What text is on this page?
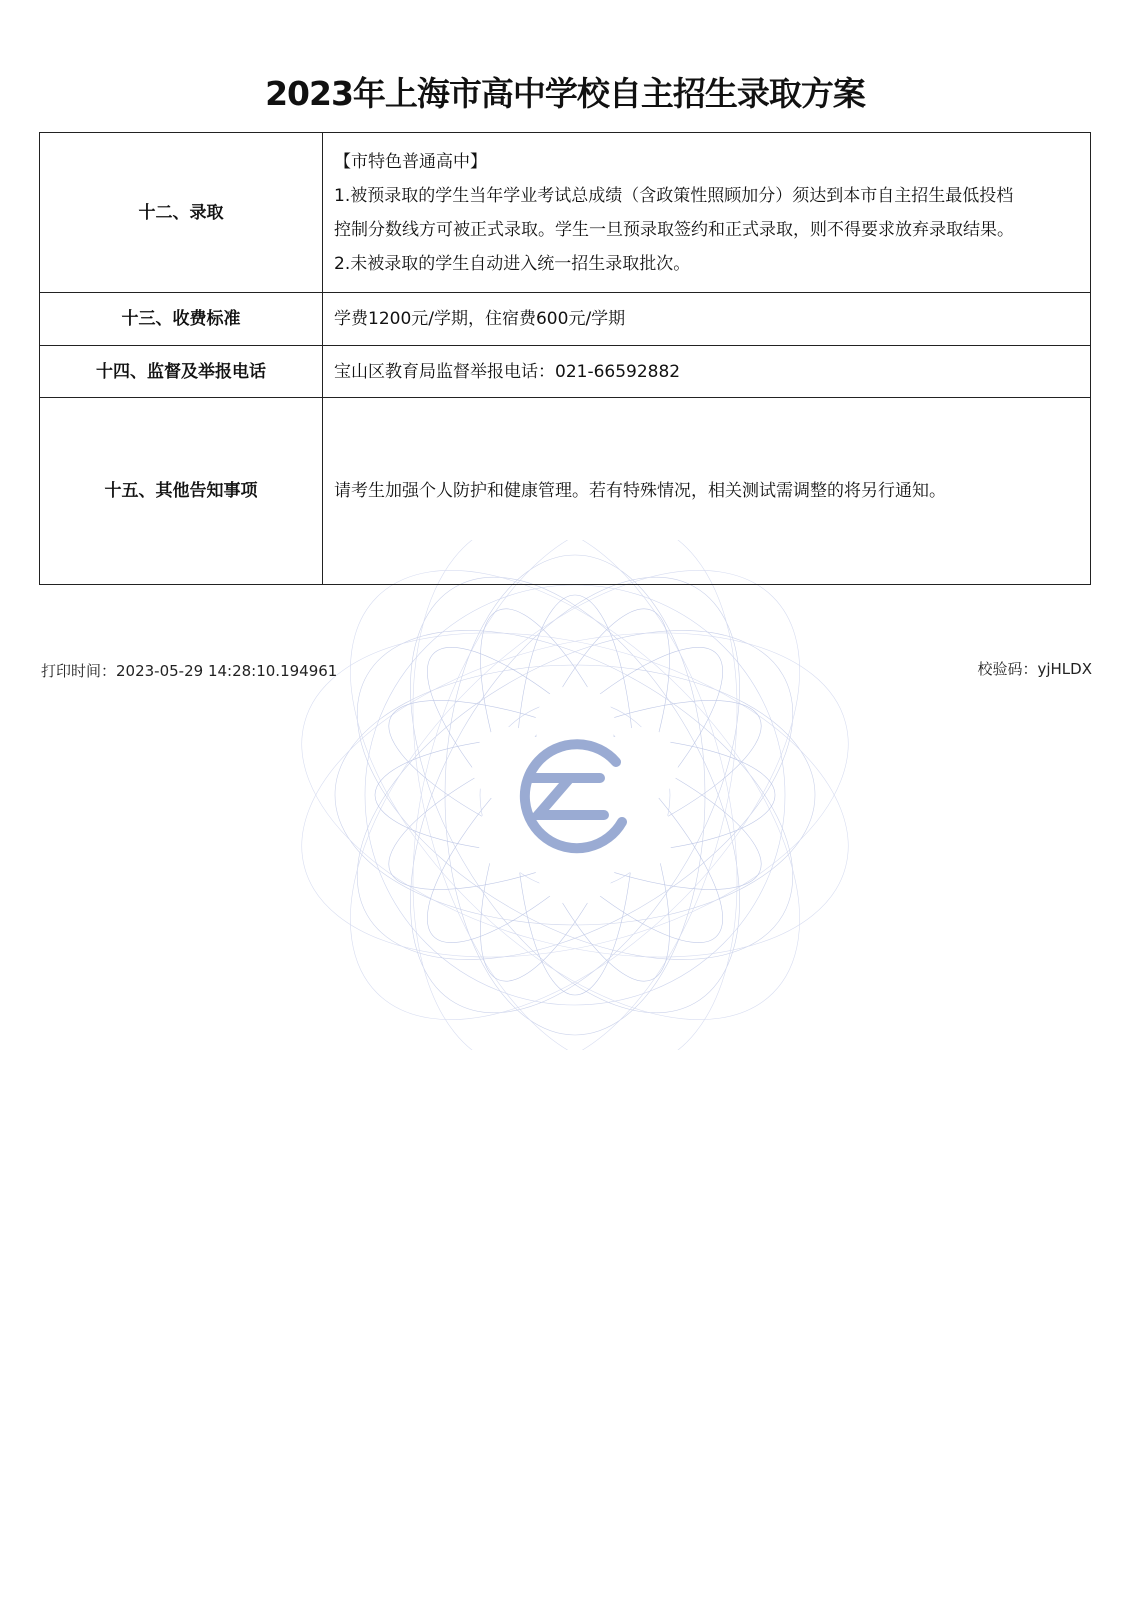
2023年上海市高中学校自主招生录取方案
十二、录取	【市特色普通高中】
1.被预录取的学生当年学业考试总成绩（含政策性照顾加分）须达到本市自主招生最低投档
控制分数线方可被正式录取。学生一旦预录取签约和正式录取，则不得要求放弃录取结果。
2.未被录取的学生自动进入统一招生录取批次。

十三、收费标准	学费1200元/学期，住宿费600元/学期
十四、监督及举报电话	宝山区教育局监督举报电话：021-66592882
十五、其他告知事项	请考生加强个人防护和健康管理。若有特殊情况，相关测试需调整的将另行通知。
打印时间：2023-05-29 14:28:10.194961	校验码：yjHLDX
